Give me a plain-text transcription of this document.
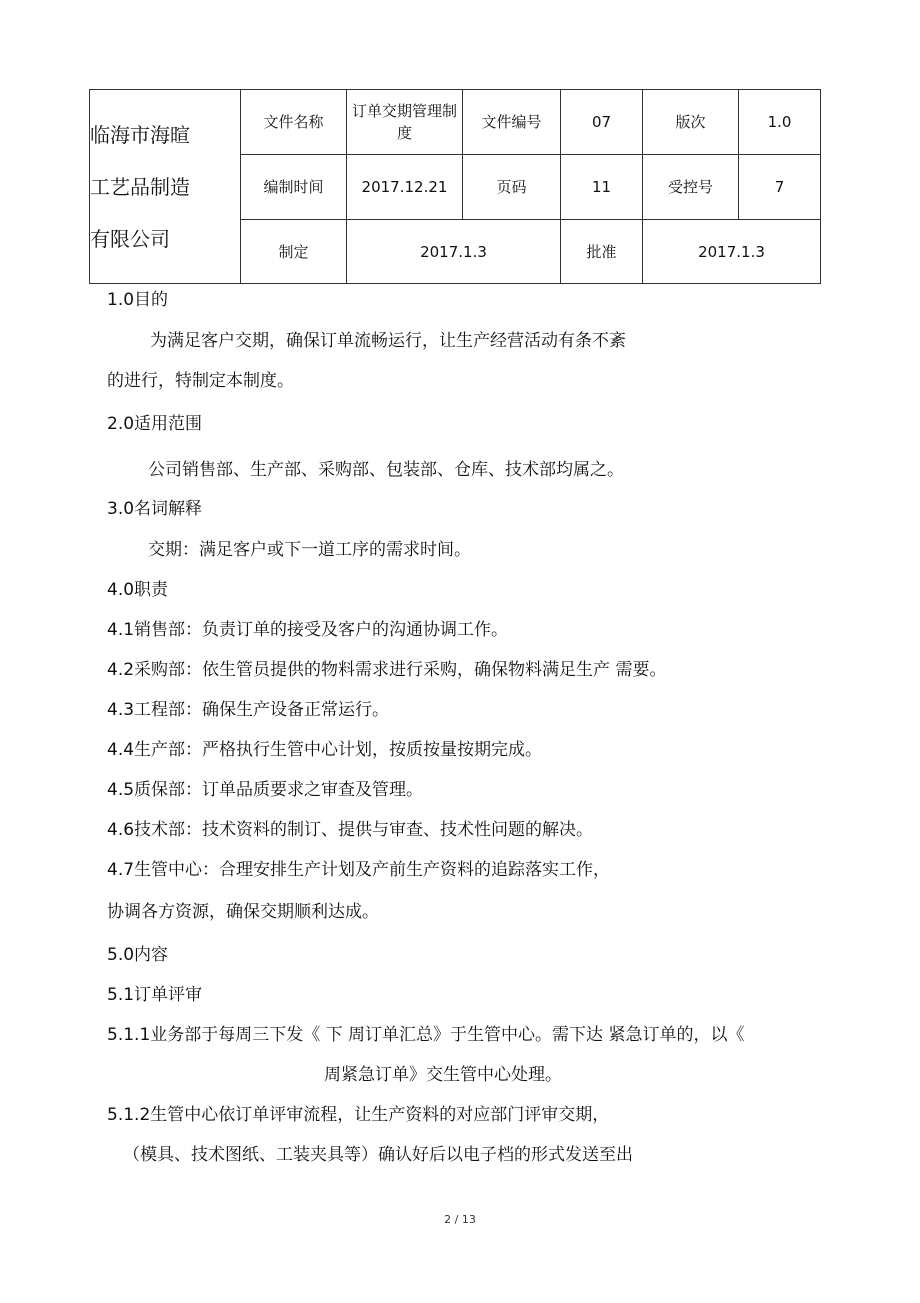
临海市海暄
工艺品制造
有限公司	文件名称	订单交期管理制度	文件编号	07	版次	1.0
	编制时间	2017.12.21	页码	11	受控号	7
	制定	2017.1.3		批准	2017.1.3	
1.0目的
为满足客户交期，确保订单流畅运行，让生产经营活动有条不紊
的进行，特制定本制度。
2.0适用范围
公司销售部、生产部、采购部、包装部、仓库、技术部均属之。
3.0名词解释
交期：满足客户或下一道工序的需求时间。
4.0职责
4.1销售部：负责订单的接受及客户的沟通协调工作。
4.2采购部：依生管员提供的物料需求进行采购，确保物料满足生产 需要。
4.3工程部：确保生产设备正常运行。
4.4生产部：严格执行生管中心计划，按质按量按期完成。
4.5质保部：订单品质要求之审查及管理。
4.6技术部：技术资料的制订、提供与审查、技术性问题的解决。
4.7生管中心：合理安排生产计划及产前生产资料的追踪落实工作，
协调各方资源，确保交期顺利达成。
5.0内容
5.1订单评审
5.1.1业务部于每周三下发《 下 周订单汇总》于生管中心。需下达 紧急订单的，以《
周紧急订单》交生管中心处理。
5.1.2生管中心依订单评审流程，让生产资料的对应部门评审交期，
（模具、技术图纸、工装夹具等）确认好后以电子档的形式发送至出
2 / 13
